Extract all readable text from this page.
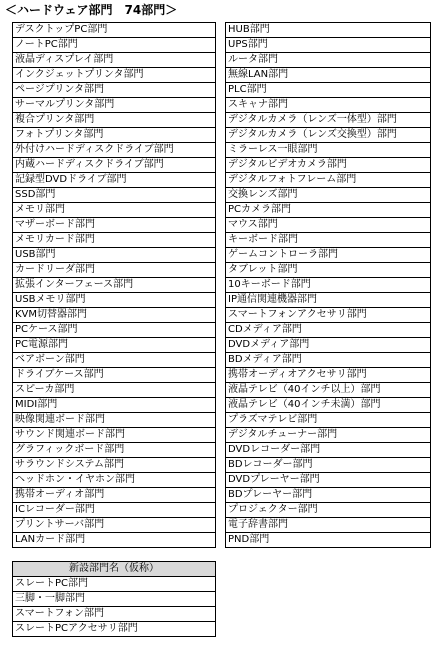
＜ハードウェア部門　74部門＞
デスクトップPC部門
ノートPC部門
液晶ディスプレイ部門
インクジェットプリンタ部門
ページプリンタ部門
サーマルプリンタ部門
複合プリンタ部門
フォトプリンタ部門
外付けハードディスクドライブ部門
内蔵ハードディスクドライブ部門
記録型DVDドライブ部門
SSD部門
メモリ部門
マザーボード部門
メモリカード部門
USB部門
カードリーダ部門
拡張インターフェース部門
USBメモリ部門
KVM切替器部門
PCケース部門
PC電源部門
ベアボーン部門
ドライブケース部門
スピーカ部門
MIDI部門
映像関連ボード部門
サウンド関連ボード部門
グラフィックボード部門
サラウンドシステム部門
ヘッドホン・イヤホン部門
携帯オーディオ部門
ICレコーダー部門
プリントサーバ部門
LANカード部門
HUB部門
UPS部門
ルータ部門
無線LAN部門
PLC部門
スキャナ部門
デジタルカメラ（レンズ一体型）部門
デジタルカメラ（レンズ交換型）部門
ミラーレス一眼部門
デジタルビデオカメラ部門
デジタルフォトフレーム部門
交換レンズ部門
PCカメラ部門
マウス部門
キーボード部門
ゲームコントローラ部門
タブレット部門
10キーボード部門
IP通信関連機器部門
スマートフォンアクセサリ部門
CDメディア部門
DVDメディア部門
BDメディア部門
携帯オーディオアクセサリ部門
液晶テレビ（40インチ以上）部門
液晶テレビ（40インチ未満）部門
プラズマテレビ部門
デジタルチューナー部門
DVDレコーダー部門
BDレコーダー部門
DVDプレーヤー部門
BDプレーヤー部門
プロジェクター部門
電子辞書部門
PND部門
新設部門名（仮称）
スレートPC部門
三脚・一脚部門
スマートフォン部門
スレートPCアクセサリ部門
